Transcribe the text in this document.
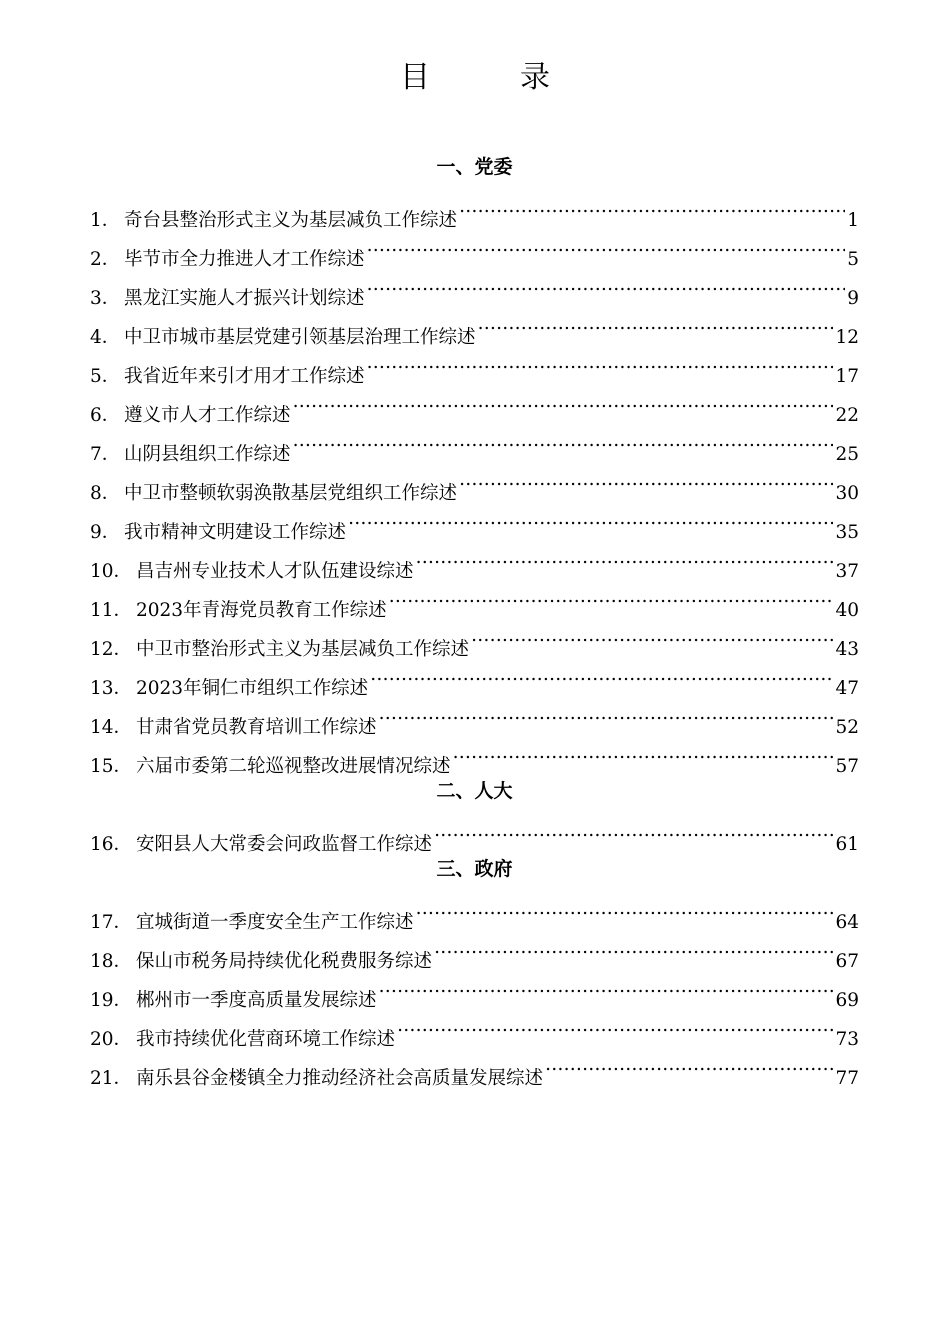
目　录
一、党委
1． 奇台县整治形式主义为基层减负工作综述 ………………………………………………………………………………………………………………………………………………	1
2． 毕节市全力推进人才工作综述 ………………………………………………………………………………………………………………………………………………	5
3． 黑龙江实施人才振兴计划综述 ………………………………………………………………………………………………………………………………………………	9
4． 中卫市城市基层党建引领基层治理工作综述 ………………………………………………………………………………………………………………………………………………	12
5． 我省近年来引才用才工作综述 ………………………………………………………………………………………………………………………………………………	17
6． 遵义市人才工作综述 ………………………………………………………………………………………………………………………………………………	22
7． 山阴县组织工作综述 ………………………………………………………………………………………………………………………………………………	25
8． 中卫市整顿软弱涣散基层党组织工作综述 ………………………………………………………………………………………………………………………………………………	30
9． 我市精神文明建设工作综述 ………………………………………………………………………………………………………………………………………………	35
10． 昌吉州专业技术人才队伍建设综述 ………………………………………………………………………………………………………………………………………………	37
11． 2023年青海党员教育工作综述 ………………………………………………………………………………………………………………………………………………	40
12． 中卫市整治形式主义为基层减负工作综述 ………………………………………………………………………………………………………………………………………………	43
13． 2023年铜仁市组织工作综述 ………………………………………………………………………………………………………………………………………………	47
14． 甘肃省党员教育培训工作综述 ………………………………………………………………………………………………………………………………………………	52
15． 六届市委第二轮巡视整改进展情况综述 ………………………………………………………………………………………………………………………………………………	57
二、人大
16． 安阳县人大常委会问政监督工作综述 ………………………………………………………………………………………………………………………………………………	61
三、政府
17． 宜城街道一季度安全生产工作综述 ………………………………………………………………………………………………………………………………………………	64
18． 保山市税务局持续优化税费服务综述 ………………………………………………………………………………………………………………………………………………	67
19． 郴州市一季度高质量发展综述 ………………………………………………………………………………………………………………………………………………	69
20． 我市持续优化营商环境工作综述 ………………………………………………………………………………………………………………………………………………	73
21． 南乐县谷金楼镇全力推动经济社会高质量发展综述 ………………………………………………………………………………………………………………………………………………	77
